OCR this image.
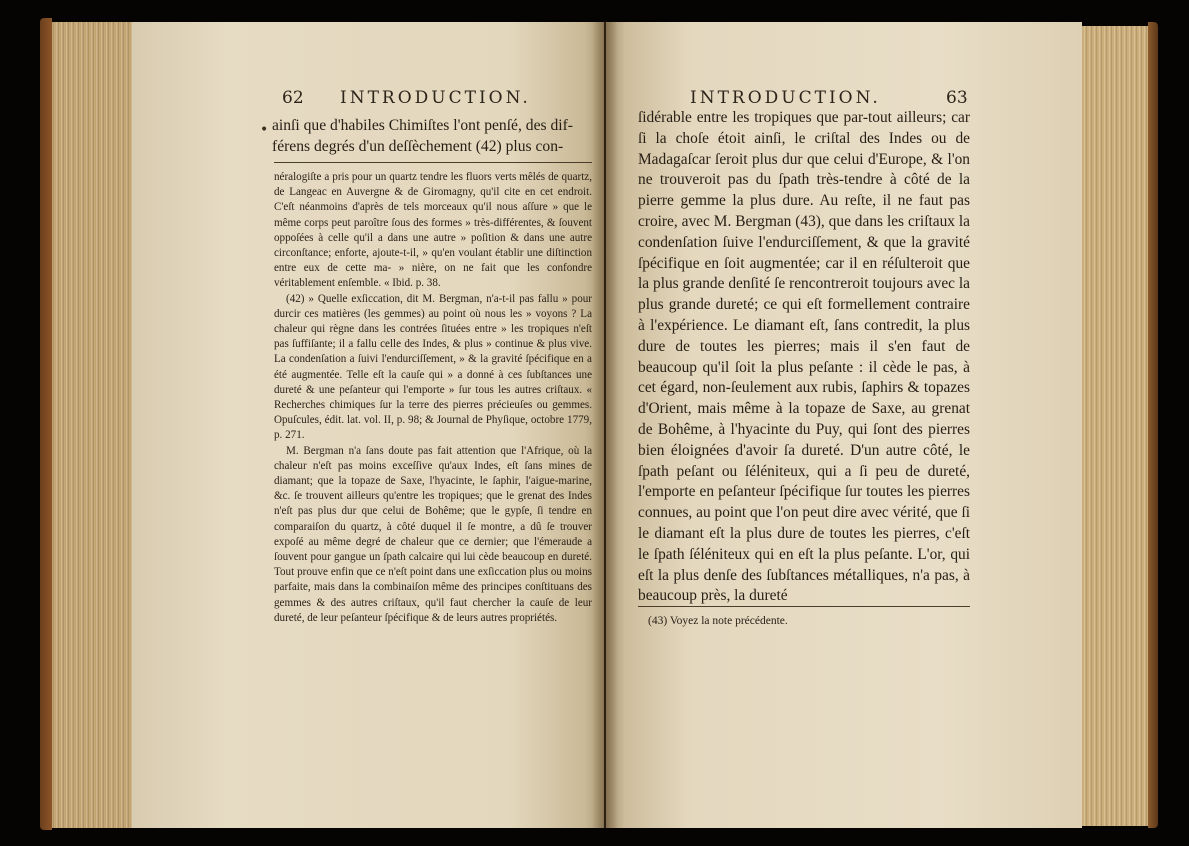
62 INTRODUCTION.
• ainſi que d'habiles Chimiſtes l'ont penſé, des dif-
férens degrés d'un deſſèchement (42) plus con-

néralogiſte a pris pour un quartz tendre les fluors verts mêlés de quartz, de Langeac en Auvergne & de Giromagny, qu'il cite en cet endroit. C'eſt néanmoins d'après de tels morceaux qu'il nous aſſure » que le même corps peut paroître ſous des formes » très-différentes, & ſouvent oppoſées à celle qu'il a dans une autre » poſition & dans une autre circonſtance; enforte, ajoute-t-il, » qu'en voulant établir une diſtinction entre eux de cette ma- » nière, on ne fait que les confondre véritablement enſemble. « Ibid. p. 38.

(42) » Quelle exſiccation, dit M. Bergman, n'a-t-il pas fallu » pour durcir ces matières (les gemmes) au point où nous les » voyons ? La chaleur qui règne dans les contrées ſituées entre » les tropiques n'eſt pas ſuffiſante; il a fallu celle des Indes, & plus » continue & plus vive. La condenſation a ſuivi l'endurciſſement, » & la gravité ſpécifique en a été augmentée. Telle eſt la cauſe qui » a donné à ces ſubſtances une dureté & une peſanteur qui l'emporte » ſur tous les autres criſtaux. « Recherches chimiques ſur la terre des pierres précieuſes ou gemmes. Opuſcules, édit. lat. vol. II, p. 98; & Journal de Phyſique, octobre 1779, p. 271.

M. Bergman n'a ſans doute pas fait attention que l'Afrique, où la chaleur n'eſt pas moins exceſſive qu'aux Indes, eſt ſans mines de diamant; que la topaze de Saxe, l'hyacinte, le ſaphir, l'aigue-marine, &c. ſe trouvent ailleurs qu'entre les tropiques; que le grenat des Indes n'eſt pas plus dur que celui de Bohême; que le gypſe, ſi tendre en comparaiſon du quartz, à côté duquel il ſe montre, a dû ſe trouver expoſé au même degré de chaleur que ce dernier; que l'émeraude a ſouvent pour gangue un ſpath calcaire qui lui cède beaucoup en dureté. Tout prouve enfin que ce n'eſt point dans une exſiccation plus ou moins parfaite, mais dans la combinaiſon même des principes conſtituans des gemmes & des autres criſtaux, qu'il faut chercher la cauſe de leur dureté, de leur peſanteur ſpécifique & de leurs autres propriétés.

INTRODUCTION.	63
ſidérable entre les tropiques que par-tout ailleurs; car ſi la choſe étoit ainſi, le criſtal des Indes ou de Madagaſcar ſeroit plus dur que celui d'Europe, & l'on ne trouveroit pas du ſpath très-tendre à côté de la pierre gemme la plus dure. Au reſte, il ne faut pas croire, avec M. Bergman (43), que dans les criſtaux la condenſation ſuive l'endurciſſement, & que la gravité ſpécifique en ſoit augmentée; car il en réſulteroit que la plus grande denſité ſe rencontreroit toujours avec la plus grande dureté; ce qui eſt formellement contraire à l'expérience. Le diamant eſt, ſans contredit, la plus dure de toutes les pierres; mais il s'en faut de beaucoup qu'il ſoit la plus peſante : il cède le pas, à cet égard, non-ſeulement aux rubis, ſaphirs & topazes d'Orient, mais même à la topaze de Saxe, au grenat de Bohême, à l'hyacinte du Puy, qui ſont des pierres bien éloignées d'avoir ſa dureté. D'un autre côté, le ſpath peſant ou ſéléniteux, qui a ſi peu de dureté, l'emporte en peſanteur ſpécifique ſur toutes les pierres connues, au point que l'on peut dire avec vérité, que ſi le diamant eſt la plus dure de toutes les pierres, c'eſt le ſpath ſéléniteux qui en eſt la plus peſante. L'or, qui eſt la plus denſe des ſubſtances métalliques, n'a pas, à beaucoup près, la dureté
(43) Voyez la note précédente.
